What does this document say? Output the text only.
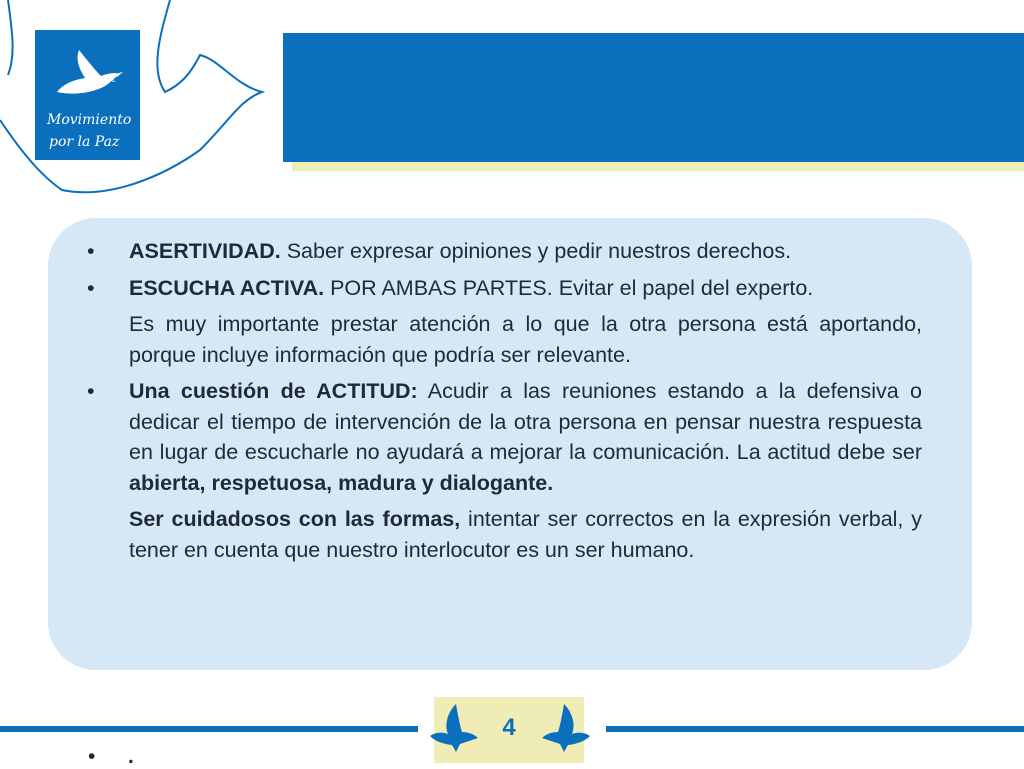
MPDL
Movimiento
por la Paz
• ASERTIVIDAD. Saber expresar opiniones y pedir nuestros derechos.
• ESCUCHA ACTIVA. POR AMBAS PARTES. Evitar el papel del experto.
Es muy importante prestar atención a lo que la otra persona está aportando, porque incluye información que podría ser relevante.
• Una cuestión de ACTITUD: Acudir a las reuniones estando a la defensiva o dedicar el tiempo de intervención de la otra persona en pensar nuestra respuesta en lugar de escucharle no ayudará a mejorar la comunicación. La actitud debe ser abierta, respetuosa, madura y dialogante.
Ser cuidadosos con las formas, intentar ser correctos en la expresión verbal, y tener en cuenta que nuestro interlocutor es un ser humano.
4
• .
